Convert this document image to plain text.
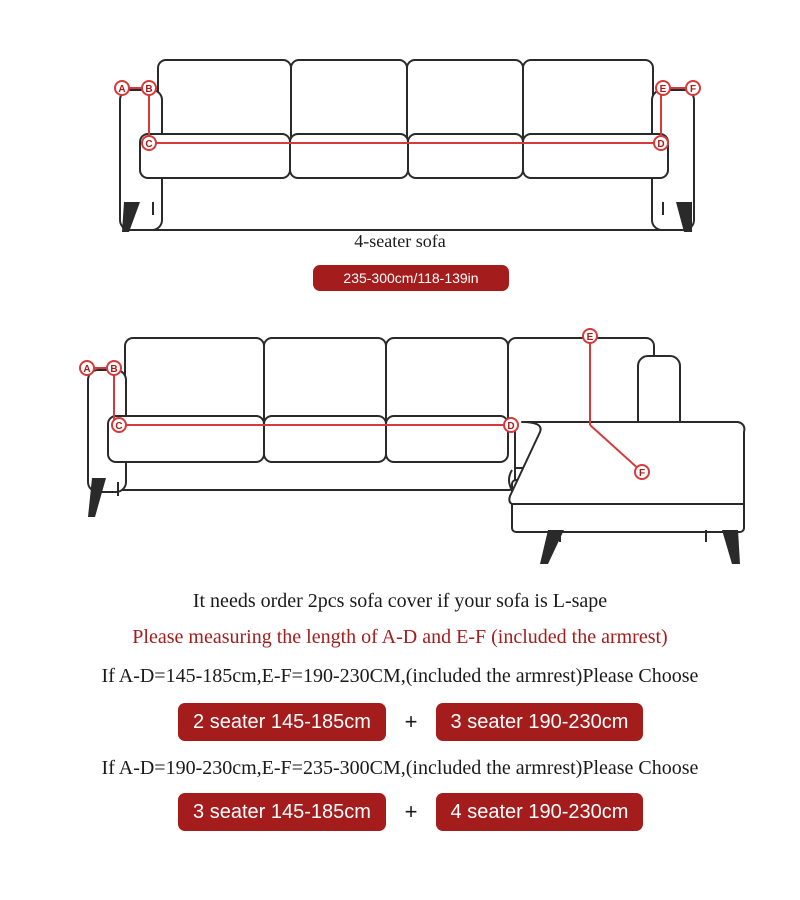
A B
C	D
E F
4-seater sofa
235-300cm/118-139in
A B
C	D
E
F
It needs order 2pcs sofa cover if your sofa is L-sape
Please measuring the length of A-D and E-F (included the armrest)
If A-D=145-185cm,E-F=190-230CM,(included the armrest)Please Choose
2 seater 145-185cm	+	3 seater 190-230cm
If A-D=190-230cm,E-F=235-300CM,(included the armrest)Please Choose
3 seater 145-185cm	+	4 seater 190-230cm
